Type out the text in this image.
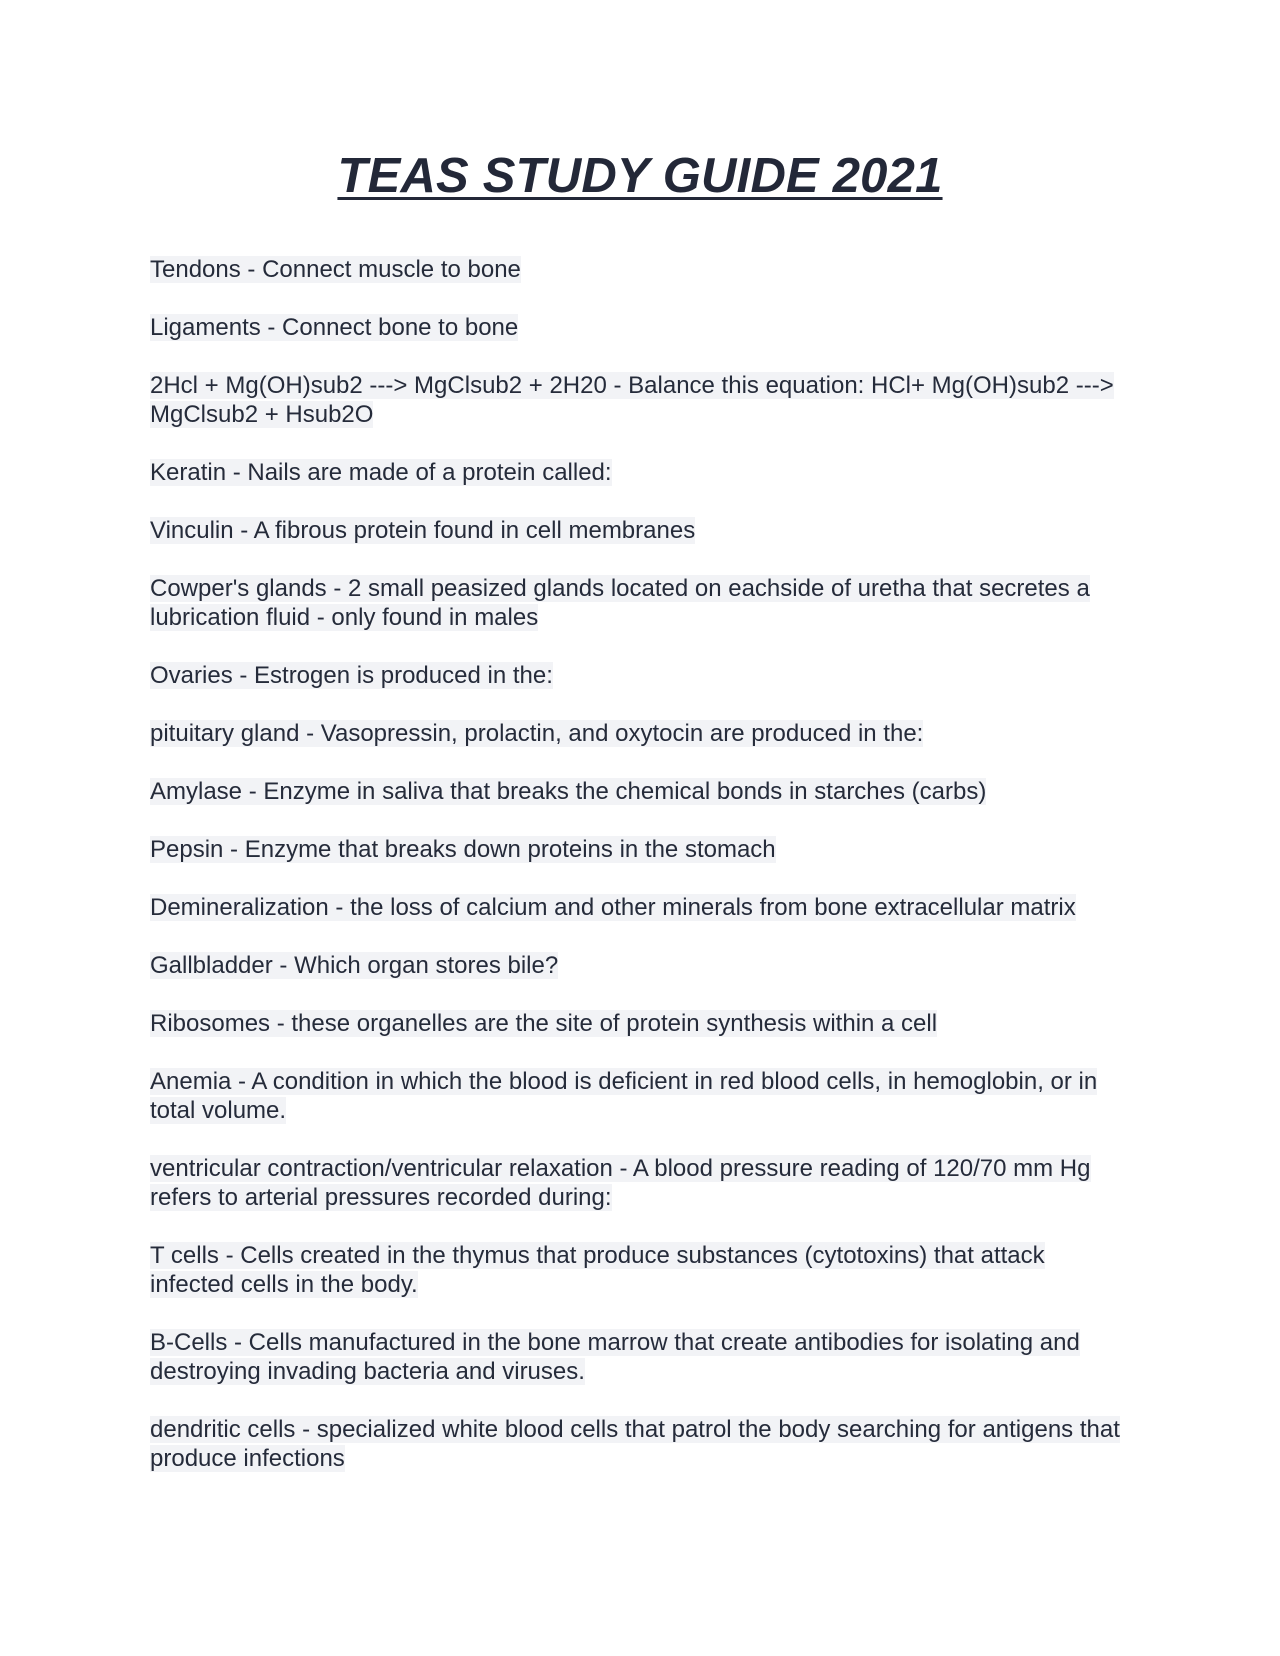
TEAS STUDY GUIDE 2021

Tendons - Connect muscle to bone

Ligaments - Connect bone to bone

2Hcl + Mg(OH)sub2 ---> MgClsub2 + 2H20 - Balance this equation: HCl+ Mg(OH)sub2 ---> MgClsub2 + Hsub2O

Keratin - Nails are made of a protein called:

Vinculin - A fibrous protein found in cell membranes

Cowper's glands - 2 small peasized glands located on eachside of uretha that secretes a lubrication fluid - only found in males

Ovaries - Estrogen is produced in the:

pituitary gland - Vasopressin, prolactin, and oxytocin are produced in the:

Amylase - Enzyme in saliva that breaks the chemical bonds in starches (carbs)

Pepsin - Enzyme that breaks down proteins in the stomach

Demineralization - the loss of calcium and other minerals from bone extracellular matrix

Gallbladder - Which organ stores bile?

Ribosomes - these organelles are the site of protein synthesis within a cell

Anemia - A condition in which the blood is deficient in red blood cells, in hemoglobin, or in total volume.

ventricular contraction/ventricular relaxation - A blood pressure reading of 120/70 mm Hg refers to arterial pressures recorded during:

T cells - Cells created in the thymus that produce substances (cytotoxins) that attack infected cells in the body.

B-Cells - Cells manufactured in the bone marrow that create antibodies for isolating and destroying invading bacteria and viruses.

dendritic cells - specialized white blood cells that patrol the body searching for antigens that produce infections
